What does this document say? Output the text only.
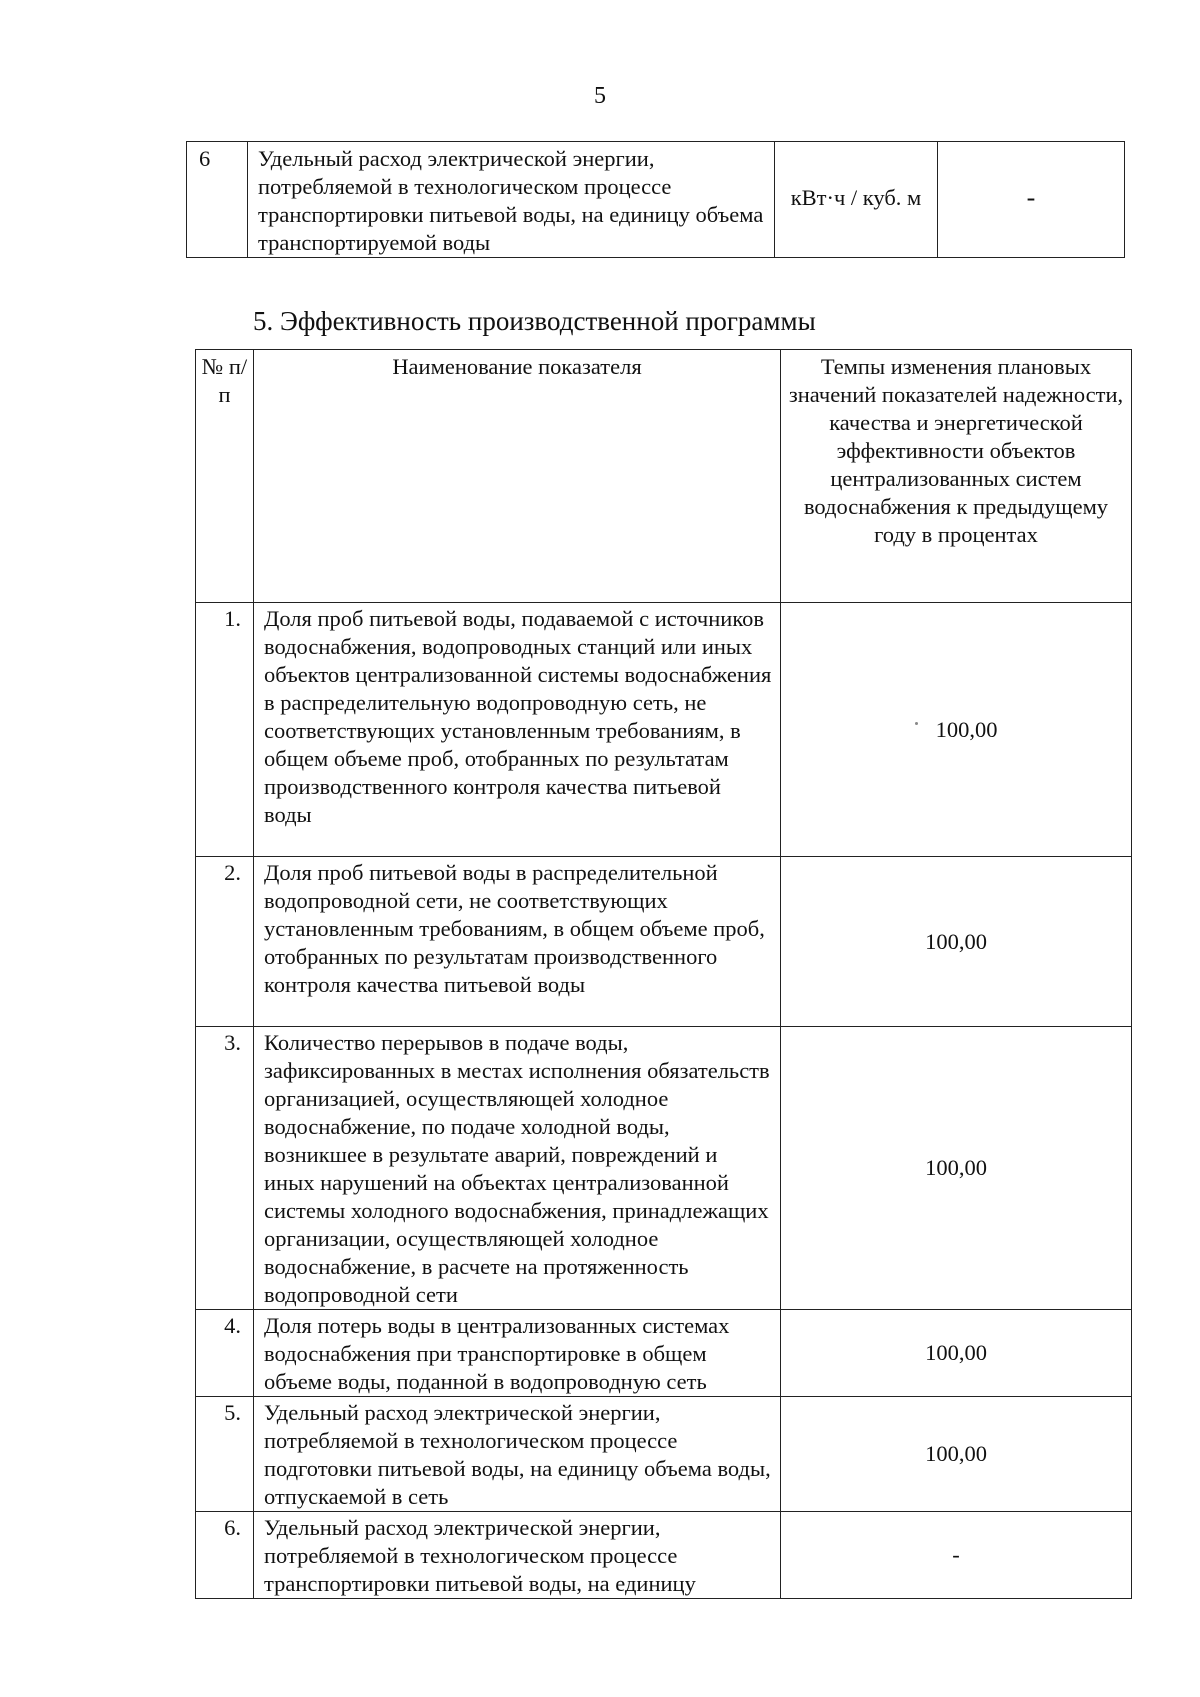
5
6	Удельный расход электрической энергии, потребляемой в технологическом процессе транспортировки питьевой воды, на единицу объема транспортируемой воды	кВт·ч / куб. м	-
5. Эффективность производственной программы
№ п/п	Наименование показателя	Темпы изменения плановых значений показателей надежности, качества и энергетической эффективности объектов централизованных систем водоснабжения к предыдущему году в процентах
1.	Доля проб питьевой воды, подаваемой с источников водоснабжения, водопроводных станций или иных объектов централизованной системы водоснабжения в распределительную водопроводную сеть, не соответствующих установленным требованиям, в общем объеме проб, отобранных по результатам производственного контроля качества питьевой воды	100,00
2.	Доля проб питьевой воды в распределительной водопроводной сети, не соответствующих установленным требованиям, в общем объеме проб, отобранных по результатам производственного контроля качества питьевой воды	100,00
3.	Количество перерывов в подаче воды, зафиксированных в местах исполнения обязательств организацией, осуществляющей холодное водоснабжение, по подаче холодной воды, возникшее в результате аварий, повреждений и иных нарушений на объектах централизованной системы холодного водоснабжения, принадлежащих организации, осуществляющей холодное водоснабжение, в расчете на протяженность водопроводной сети	100,00
4.	Доля потерь воды в централизованных системах водоснабжения при транспортировке в общем объеме воды, поданной в водопроводную сеть	100,00
5.	Удельный расход электрической энергии, потребляемой в технологическом процессе подготовки питьевой воды, на единицу объема воды, отпускаемой в сеть	100,00
6.	Удельный расход электрической энергии, потребляемой в технологическом процессе транспортировки питьевой воды, на единицу	-
